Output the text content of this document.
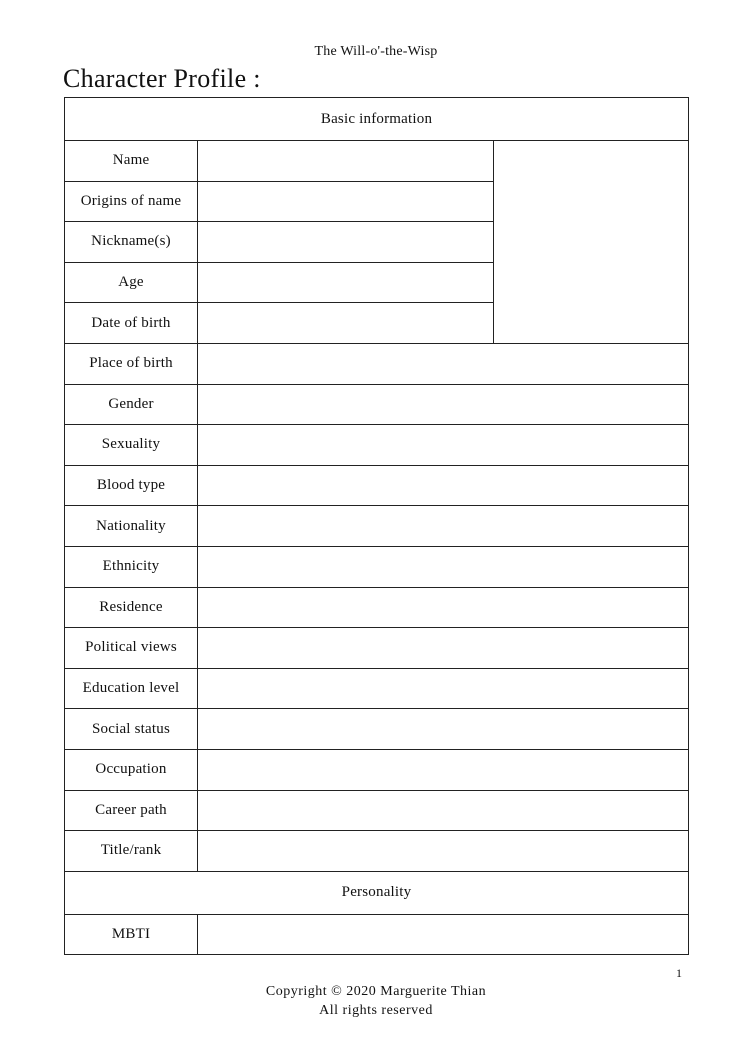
The Will-o'-the-Wisp
Character Profile :
Basic information		
Name		
Origins of name		
Nickname(s)		
Age		
Date of birth		
Place of birth		
Gender		
Sexuality		
Blood type		
Nationality		
Ethnicity		
Residence		
Political views		
Education level		
Social status		
Occupation		
Career path		
Title/rank		
Personality		
MBTI		
1
Copyright © 2020 Marguerite Thian
All rights reserved
